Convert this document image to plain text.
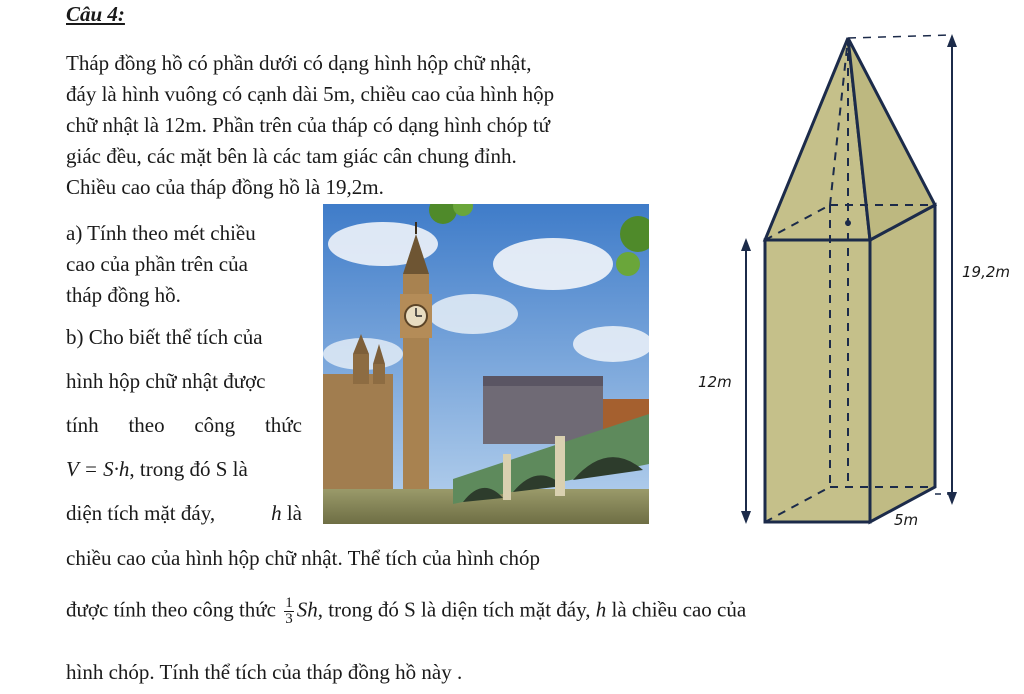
Câu 4:
Tháp đồng hồ có phần dưới có dạng hình hộp chữ nhật,
đáy là hình vuông có cạnh dài 5m, chiều cao của hình hộp
chữ nhật là 12m. Phần trên của tháp có dạng hình chóp tứ
giác đều, các mặt bên là các tam giác cân chung đỉnh.
Chiều cao của tháp đồng hồ là 19,2m.
a) Tính theo mét chiều
cao của phần trên của
tháp đồng hồ.
b) Cho biết thể tích của
hình hộp chữ nhật được
tính theo công thức
V = S·h, trong đó S là
diện tích mặt đáy,	h là
chiều cao của hình hộp chữ nhật. Thể tích của hình chóp
được tính theo công thức $\frac{1}{3} Sh$, trong đó S là diện tích mặt đáy, h là chiều cao của
hình chóp. Tính thể tích của tháp đồng hồ này .
19,2m
12m
5m
